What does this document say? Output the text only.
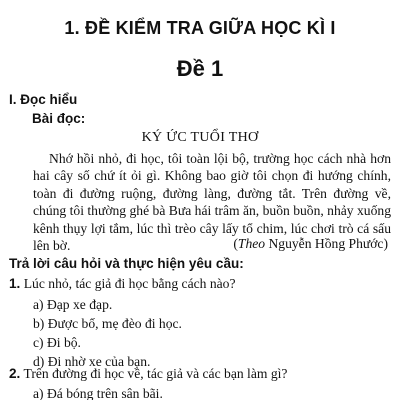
1. ĐỀ KIỂM TRA GIỮA HỌC KÌ I
Đề 1
I. Đọc hiểu
Bài đọc:
KÝ ỨC TUỔI THƠ

Nhớ hồi nhỏ, đi học, tôi toàn lội bộ, trường học cách nhà hơn hai cây số chứ ít ỏi gì. Không bao giờ tôi chọn đi hướng chính, toàn đi đường ruộng, đường làng, đường tắt. Trên đường về, chúng tôi thường ghé bà Bưa hái trâm ăn, buồn buồn, nhảy xuống kênh thụy lợi tắm, lúc thì trèo cây lấy tổ chim, lúc chơi trò cá sấu lên bờ.	(Theo Nguyễn Hồng Phước)
Trả lời câu hỏi và thực hiện yêu cầu:

1. Lúc nhỏ, tác giả đi học bằng cách nào?

a) Đạp xe đạp.

b) Được bố, mẹ đèo đi học.

c) Đi bộ.

d) Đi nhờ xe của bạn.

2. Trên đường đi học về, tác giả và các bạn làm gì?

a) Đá bóng trên sân bãi.
